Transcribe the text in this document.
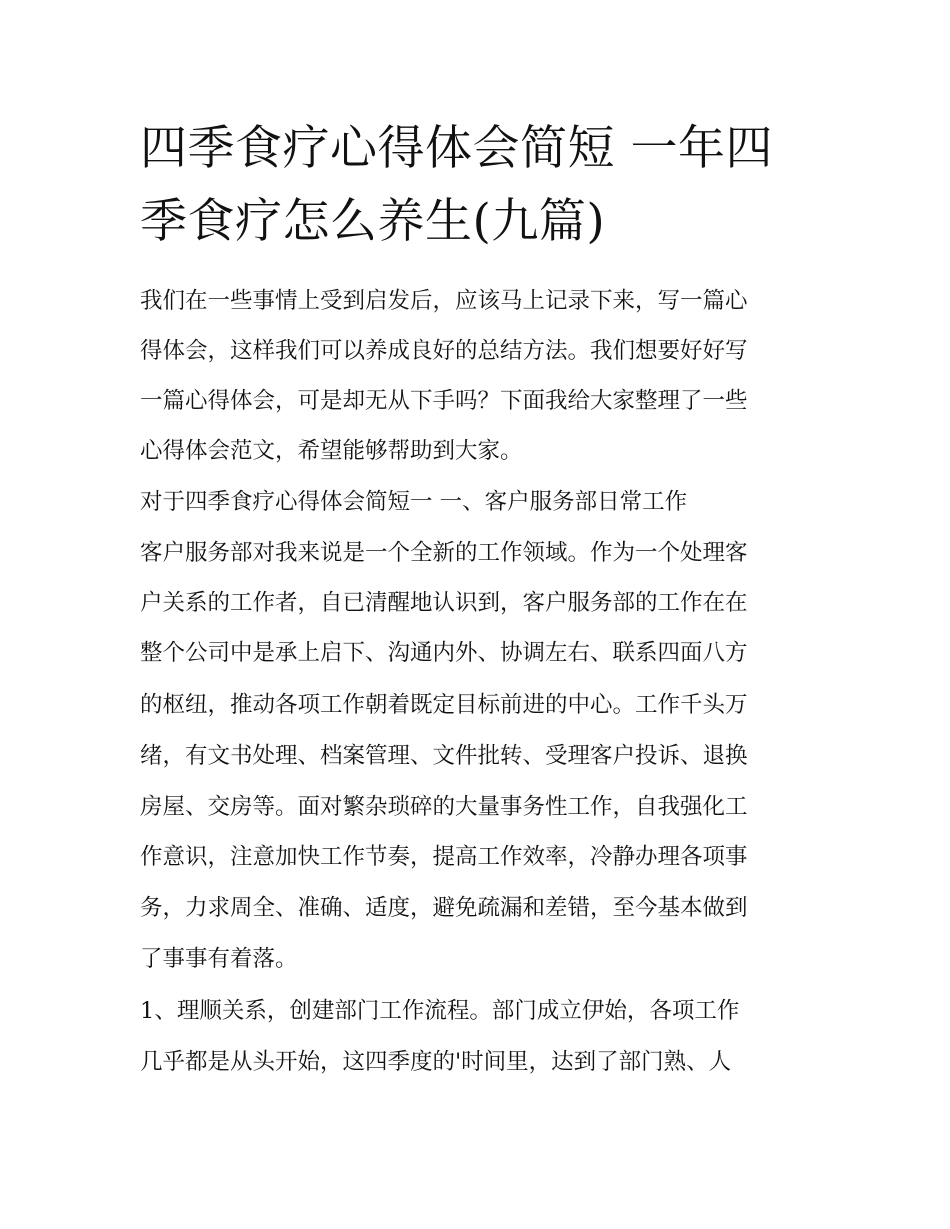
四季食疗心得体会简短 一年四
季食疗怎么养生(九篇)
我们在一些事情上受到启发后，应该马上记录下来，写一篇心
得体会，这样我们可以养成良好的总结方法。我们想要好好写
一篇心得体会，可是却无从下手吗？下面我给大家整理了一些
心得体会范文，希望能够帮助到大家。
对于四季食疗心得体会简短一 一、客户服务部日常工作
客户服务部对我来说是一个全新的工作领域。作为一个处理客
户关系的工作者，自已清醒地认识到，客户服务部的工作在在
整个公司中是承上启下、沟通内外、协调左右、联系四面八方
的枢纽，推动各项工作朝着既定目标前进的中心。工作千头万
绪，有文书处理、档案管理、文件批转、受理客户投诉、退换
房屋、交房等。面对繁杂琐碎的大量事务性工作，自我强化工
作意识，注意加快工作节奏，提高工作效率，冷静办理各项事
务，力求周全、准确、适度，避免疏漏和差错，至今基本做到
了事事有着落。
1、理顺关系，创建部门工作流程。部门成立伊始，各项工作
几乎都是从头开始，这四季度的'时间里，达到了部门熟、人
